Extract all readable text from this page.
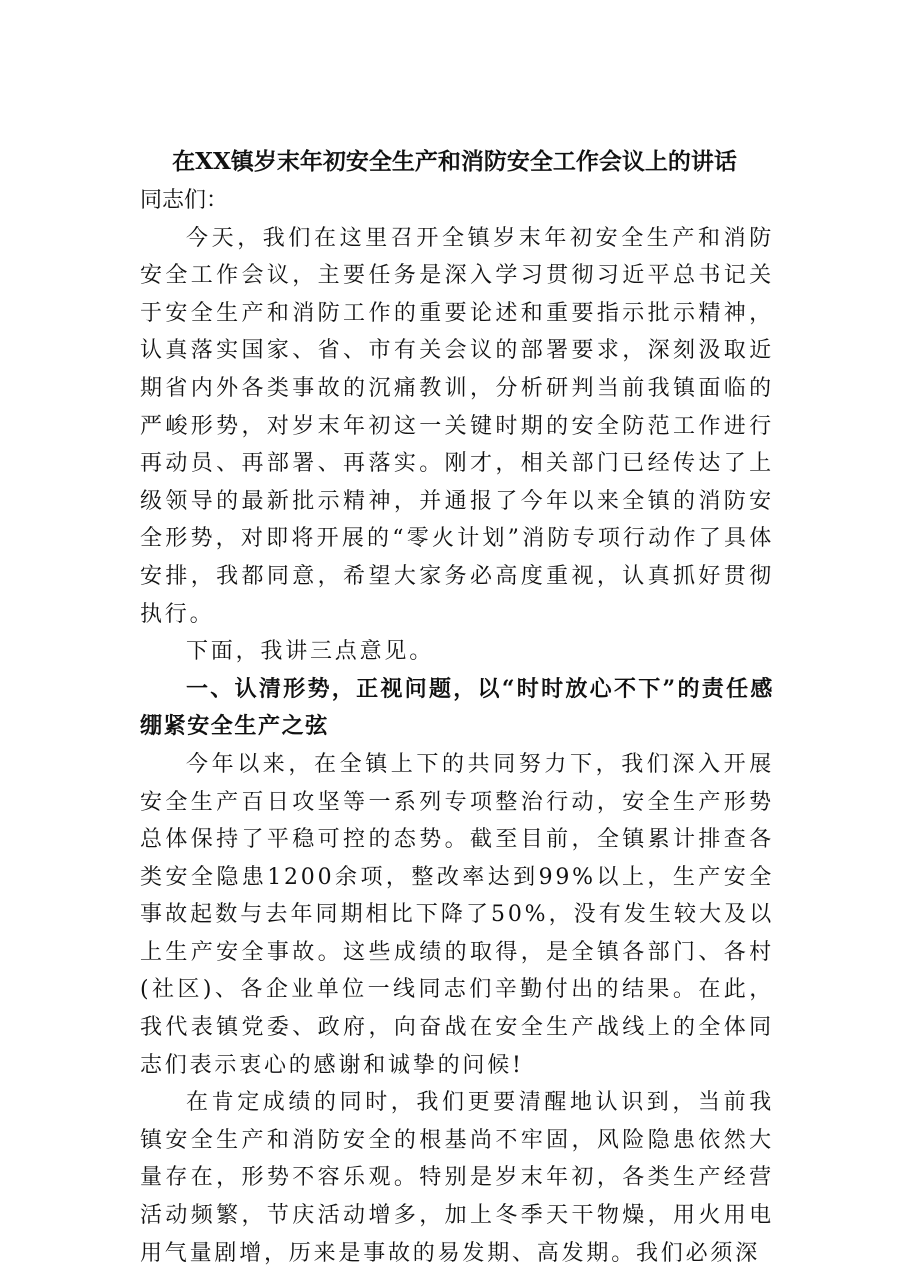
在XX镇岁末年初安全生产和消防安全工作会议上的讲话

同志们：

今天，我们在这里召开全镇岁末年初安全生产和消防安全工作会议，主要任务是深入学习贯彻习近平总书记关于安全生产和消防工作的重要论述和重要指示批示精神，认真落实国家、省、市有关会议的部署要求，深刻汲取近期省内外各类事故的沉痛教训，分析研判当前我镇面临的严峻形势，对岁末年初这一关键时期的安全防范工作进行再动员、再部署、再落实。刚才，相关部门已经传达了上级领导的最新批示精神，并通报了今年以来全镇的消防安全形势，对即将开展的“零火计划”消防专项行动作了具体安排，我都同意，希望大家务必高度重视，认真抓好贯彻执行。

下面，我讲三点意见。

一、认清形势，正视问题，以“时时放心不下”的责任感绷紧安全生产之弦

今年以来，在全镇上下的共同努力下，我们深入开展安全生产百日攻坚等一系列专项整治行动，安全生产形势总体保持了平稳可控的态势。截至目前，全镇累计排查各类安全隐患1200余项，整改率达到99%以上，生产安全事故起数与去年同期相比下降了50%，没有发生较大及以上生产安全事故。这些成绩的取得，是全镇各部门、各村(社区)、各企业单位一线同志们辛勤付出的结果。在此，我代表镇党委、政府，向奋战在安全生产战线上的全体同志们表示衷心的感谢和诚挚的问候!

在肯定成绩的同时，我们更要清醒地认识到，当前我镇安全生产和消防安全的根基尚不牢固，风险隐患依然大量存在，形势不容乐观。特别是岁末年初，各类生产经营活动频繁，节庆活动增多，加上冬季天干物燥，用火用电用气量剧增，历来是事故的易发期、高发期。我们必须深
